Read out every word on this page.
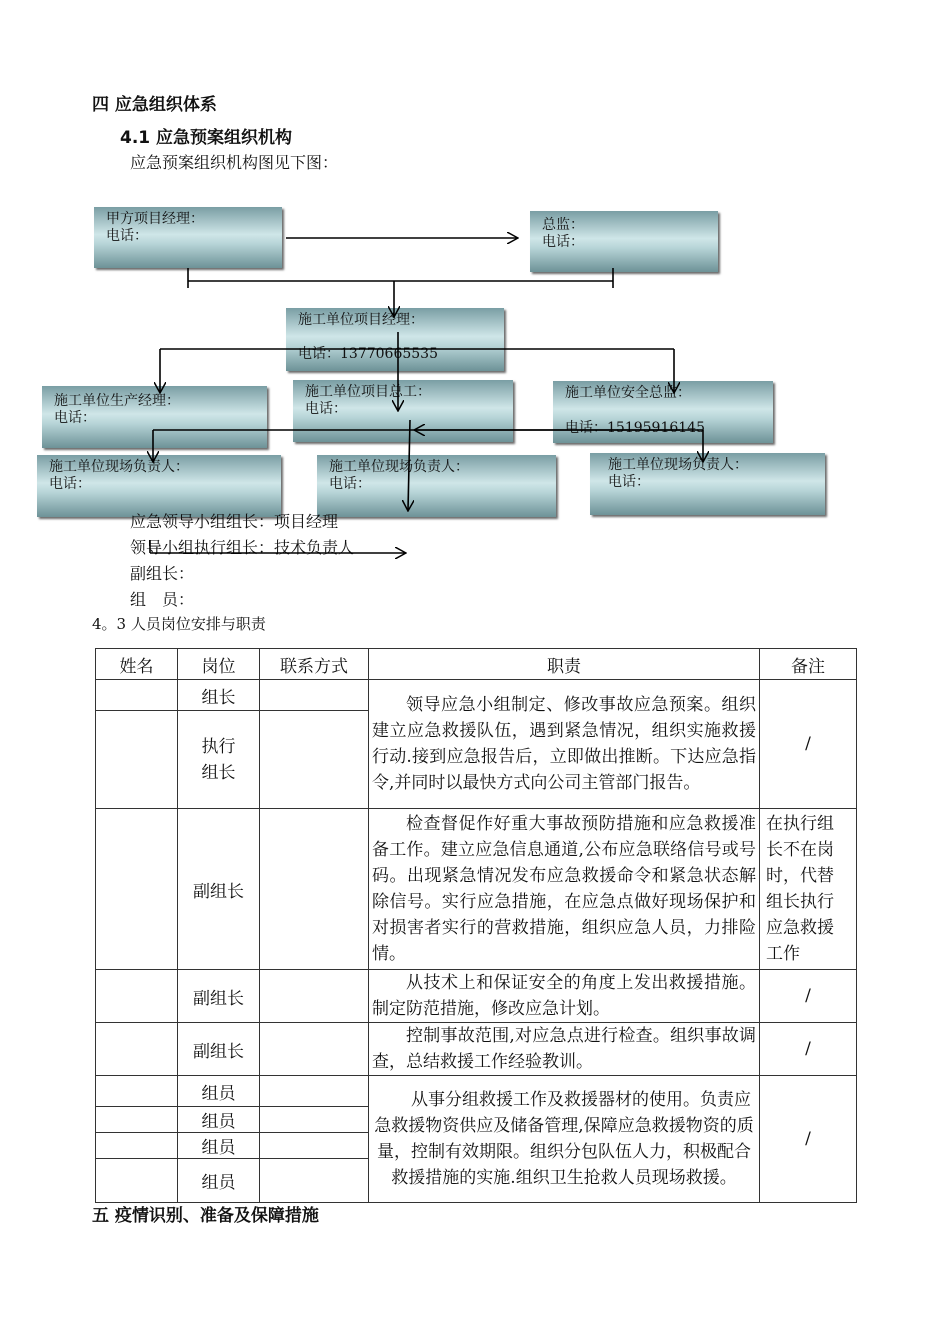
四 应急组织体系
4.1 应急预案组织机构
应急预案组织机构图见下图：
甲方项目经理：
电话：
总监：
电话：
施工单位项目经理：
电话：13770665535
施工单位生产经理：
电话：
施工单位项目总工：
电话：
施工单位安全总监：
电话：15195916145
施工单位现场负责人：
电话：
施工单位现场负责人：
电话：
施工单位现场负责人：
电话：
应急领导小组组长：项目经理
领导小组执行组长：技术负责人
副组长：
组　员：
4。3 人员岗位安排与职责
姓名	岗位	联系方式	职责	备注
	组长		领导应急小组制定、修改事故应急预案。组织建立应急救援队伍，遇到紧急情况，组织实施救援行动.接到应急报告后，立即做出推断。下达应急指令,并同时以最快方式向公司主管部门报告。	/
	执行
组长			
	副组长		检查督促作好重大事故预防措施和应急救援准备工作。建立应急信息通道,公布应急联络信号或号码。出现紧急情况发布应急救援命令和紧急状态解除信号。实行应急措施，在应急点做好现场保护和对损害者实行的营救措施，组织应急人员，力排险情。	在执行组长不在岗时，代替组长执行应急救援工作
	副组长		从技术上和保证安全的角度上发出救援措施。制定防范措施，修改应急计划。	/
	副组长		控制事故范围,对应急点进行检查。组织事故调查，总结救援工作经验教训。	/
	组员		从事分组救援工作及救援器材的使用。负责应急救援物资供应及储备管理,保障应急救援物资的质量，控制有效期限。组织分包队伍人力，积极配合救援措施的实施.组织卫生抢救人员现场救援。	/
	组员			
	组员			
	组员			
五 疫情识别、准备及保障措施
